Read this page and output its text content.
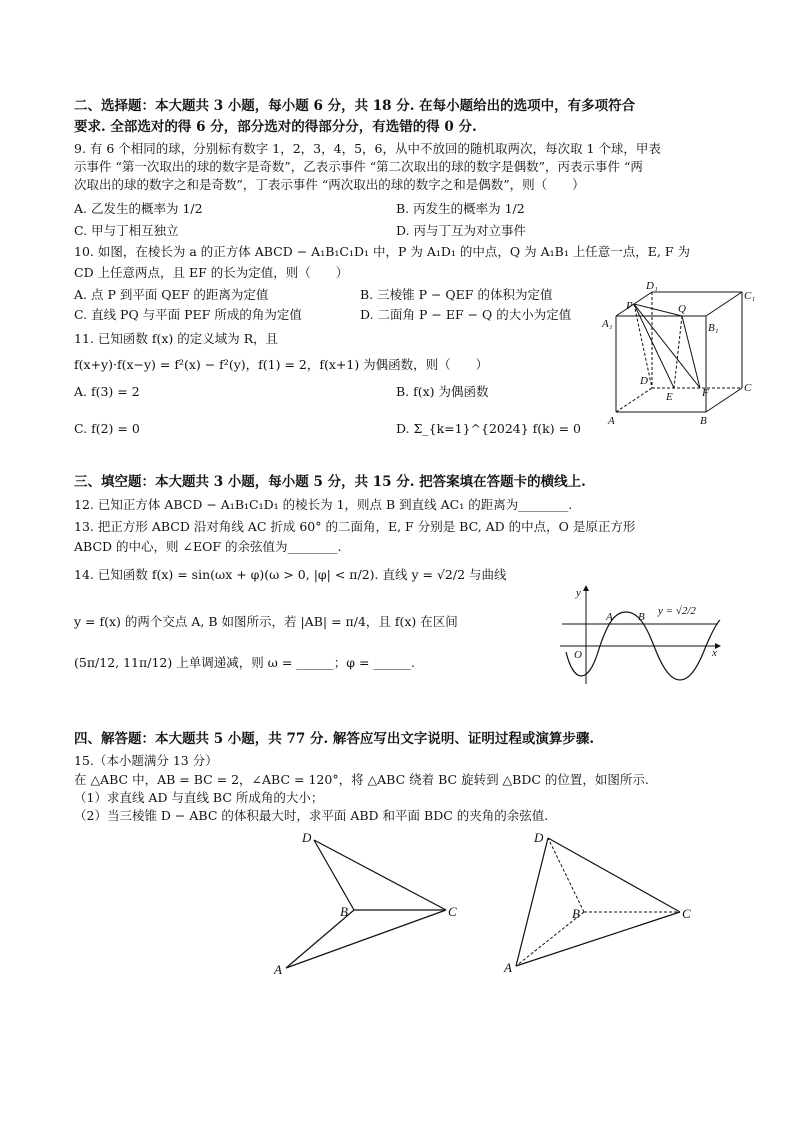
二、选择题：本大题共 3 小题，每小题 6 分，共 18 分. 在每小题给出的选项中，有多项符合
要求. 全部选对的得 6 分，部分选对的得部分分，有选错的得 0 分.
9. 有 6 个相同的球，分别标有数字 1，2，3，4，5，6，从中不放回的随机取两次，每次取 1 个球，甲表
示事件 “第一次取出的球的数字是奇数”，乙表示事件 “第二次取出的球的数字是偶数”，丙表示事件 “两
次取出的球的数字之和是奇数”，丁表示事件 “两次取出的球的数字之和是偶数”，则（　　）
A. 乙发生的概率为 1/2	B. 丙发生的概率为 1/2
C. 甲与丁相互独立	D. 丙与丁互为对立事件
10. 如图，在棱长为 a 的正方体 ABCD − A₁B₁C₁D₁ 中，P 为 A₁D₁ 的中点，Q 为 A₁B₁ 上任意一点，E, F 为
CD 上任意两点，且 EF 的长为定值，则（　　）
A. 点 P 到平面 QEF 的距离为定值	B. 三棱锥 P − QEF 的体积为定值
C. 直线 PQ 与平面 PEF 所成的角为定值	D. 二面角 P − EF − Q 的大小为定值
11. 已知函数 f(x) 的定义域为 R，且
f(x+y)·f(x−y) = f²(x) − f²(y)，f(1) = 2，f(x+1) 为偶函数，则（　　）
A. f(3) = 2	B. f(x) 为偶函数
C. f(2) = 0	D. Σ_{k=1}^{2024} f(k) = 0
D₁
C₁
A₁	B₁
P	Q
D
C
E	F
A	B
三、填空题：本大题共 3 小题，每小题 5 分，共 15 分. 把答案填在答题卡的横线上.
12. 已知正方体 ABCD − A₁B₁C₁D₁ 的棱长为 1，则点 B 到直线 AC₁ 的距离为________.
13. 把正方形 ABCD 沿对角线 AC 折成 60° 的二面角，E, F 分别是 BC, AD 的中点，O 是原正方形
ABCD 的中心，则 ∠EOF 的余弦值为________.
14. 已知函数 f(x) = sin(ωx + φ)(ω > 0, |φ| < π/2). 直线 y = √2/2 与曲线
y = f(x) 的两个交点 A, B 如图所示，若 |AB| = π/4，且 f(x) 在区间
(5π/12, 11π/12) 上单调递减，则 ω = ______；φ = ______.
y
x
O
A B y = √2/2
四、解答题：本大题共 5 小题，共 77 分. 解答应写出文字说明、证明过程或演算步骤.
15.（本小题满分 13 分）
在 △ABC 中，AB = BC = 2，∠ABC = 120°，将 △ABC 绕着 BC 旋转到 △BDC 的位置，如图所示.
（1）求直线 AD 与直线 BC 所成角的大小；
（2）当三棱锥 D − ABC 的体积最大时，求平面 ABD 和平面 BDC 的夹角的余弦值.
D
B	C
A
D
B	C
A
